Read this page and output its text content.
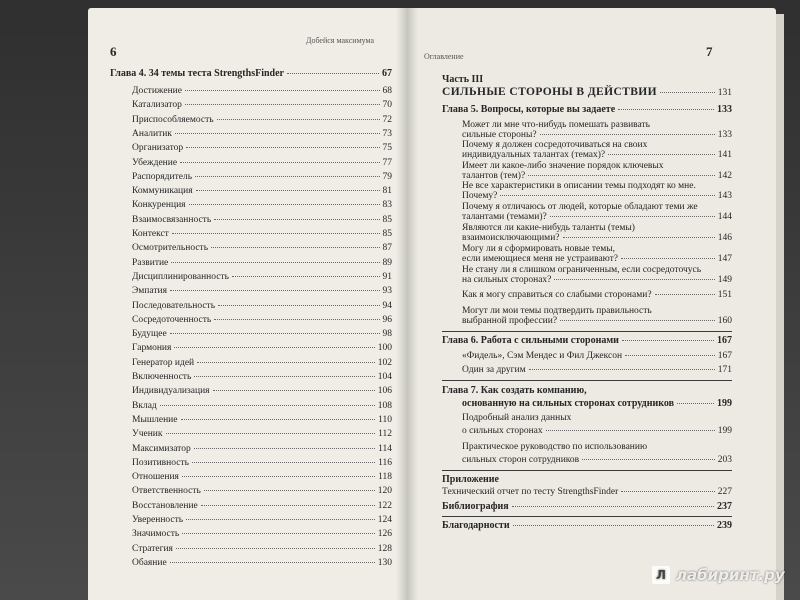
6
Добейся максимума
Глава 4. 34 темы теста StrengthsFinder	67
Достижение	68
Катализатор	70
Приспособляемость	72
Аналитик	73
Организатор	75
Убеждение	77
Распорядитель	79
Коммуникация	81
Конкуренция	83
Взаимосвязанность	85
Контекст	85
Осмотрительность	87
Развитие	89
Дисциплинированность	91
Эмпатия	93
Последовательность	94
Сосредоточенность	96
Будущее	98
Гармония	100
Генератор идей	102
Включенность	104
Индивидуализация	106
Вклад	108
Мышление	110
Ученик	112
Максимизатор	114
Позитивность	116
Отношения	118
Ответственность	120
Восстановление	122
Уверенность	124
Значимость	126
Стратегия	128
Обаяние	130
Оглавление	7
Часть III
СИЛЬНЫЕ СТОРОНЫ В ДЕЙСТВИИ	131
Глава 5. Вопросы, которые вы задаете	133
Может ли мне что-нибудь помешать развивать
сильные стороны?	133
Почему я должен сосредоточиваться на своих
индивидуальных талантах (темах)?	141
Имеет ли какое-либо значение порядок ключевых
талантов (тем)?	142
Не все характеристики в описании темы подходят ко мне.
Почему?	143
Почему я отличаюсь от людей, которые обладают теми же
талантами (темами)?	144
Являются ли какие-нибудь таланты (темы)
взаимоисключающими?	146
Могу ли я сформировать новые темы,
если имеющиеся меня не устраивают?	147
Не стану ли я слишком ограниченным, если сосредоточусь
на сильных сторонах?	149
Как я могу справиться со слабыми сторонами?	151
Могут ли мои темы подтвердить правильность
выбранной профессии?	160
Глава 6. Работа с сильными сторонами	167
«Фидель», Сэм Мендес и Фил Джексон	167
Один за другим	171
Глава 7. Как создать компанию,
основанную на сильных сторонах сотрудников	199
Подробный анализ данных
о сильных сторонах	199
Практическое руководство по использованию
сильных сторон сотрудников	203
Приложение
Технический отчет по тесту StrengthsFinder	227
Библиография	237
Благодарности	239
Л лабиринт.ру
